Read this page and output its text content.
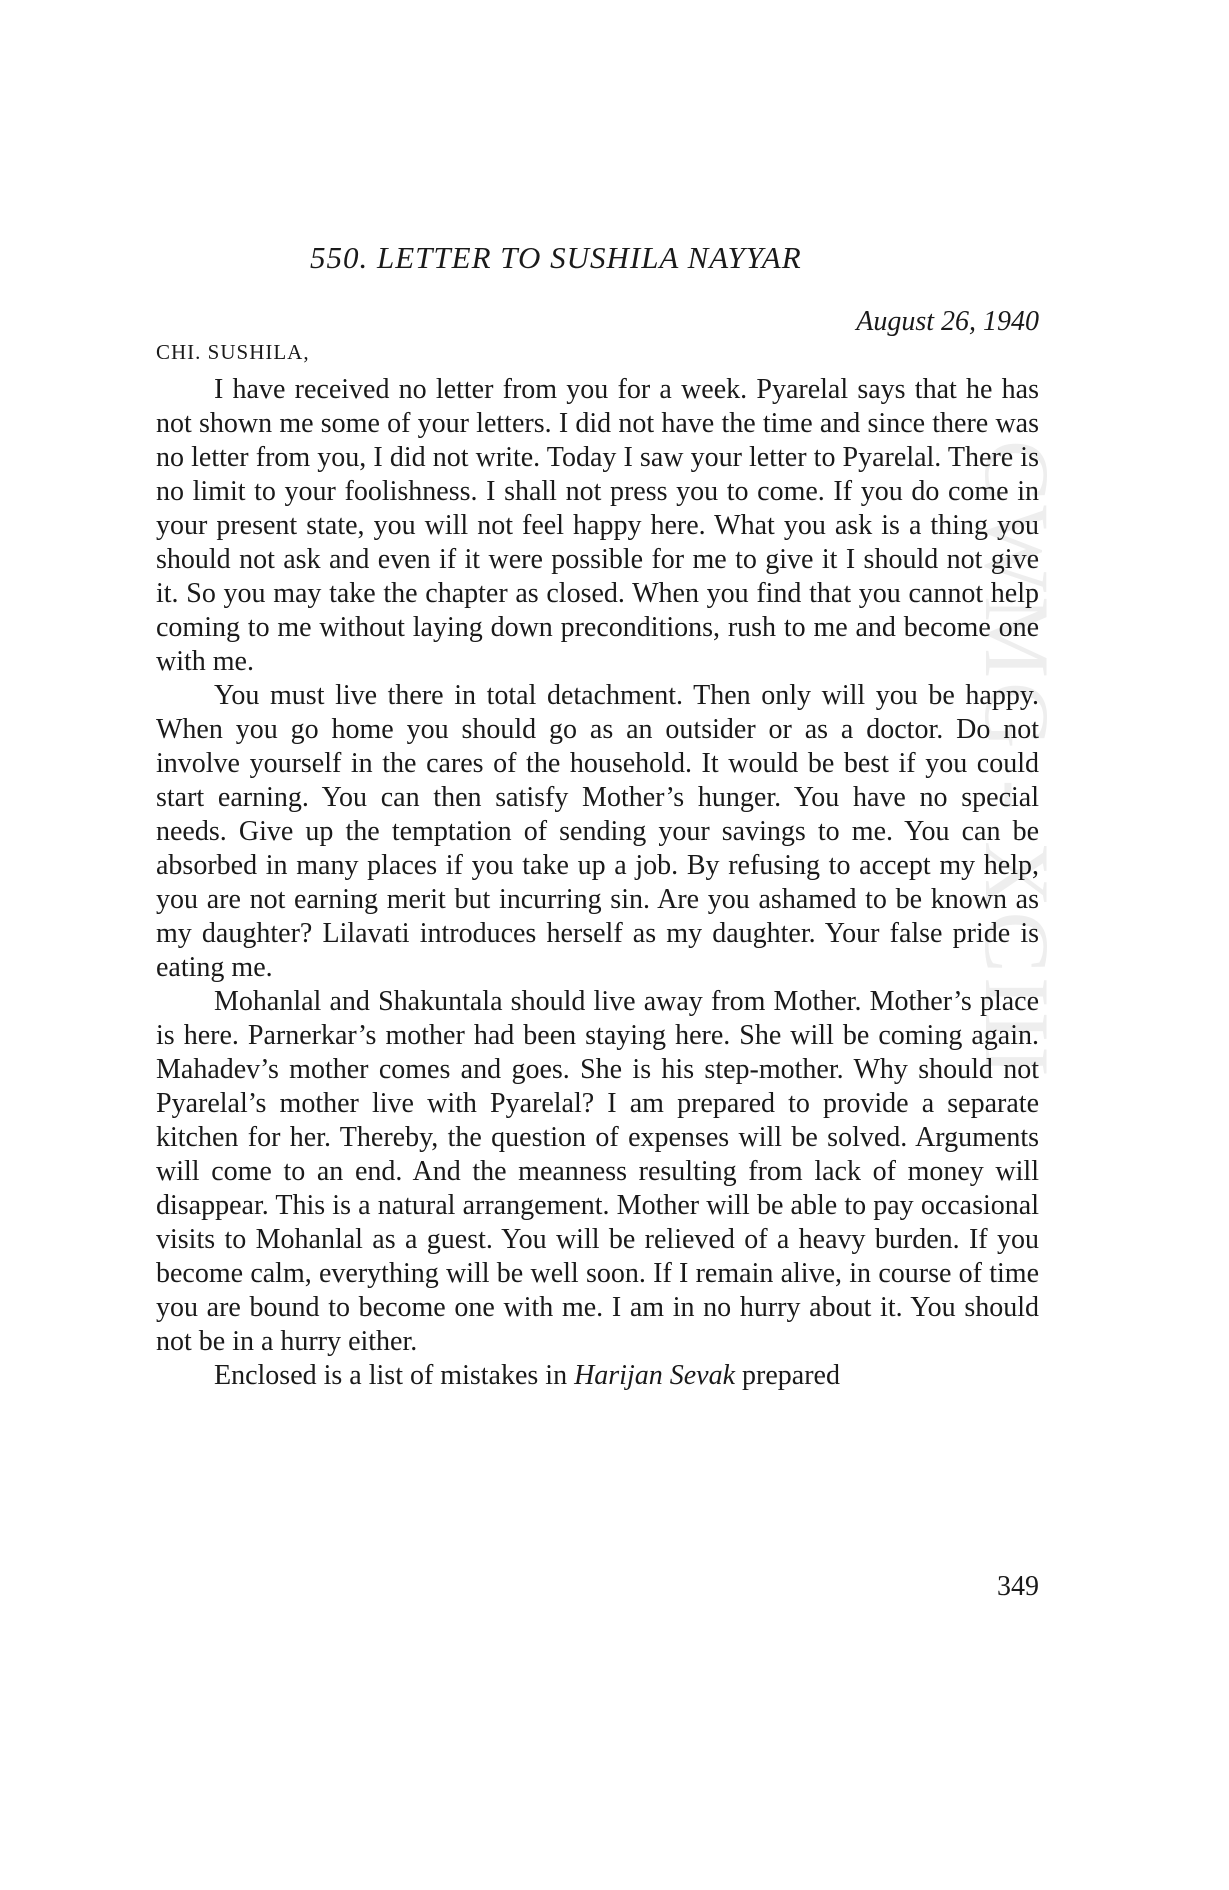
CWMG - XCIII
550. LETTER TO SUSHILA NAYYAR
August 26, 1940
CHI. SUSHILA,

I have received no letter from you for a week. Pyarelal says that he has not shown me some of your letters. I did not have the time and since there was no letter from you, I did not write. Today I saw your letter to Pyarelal. There is no limit to your foolishness. I shall not press you to come. If you do come in your present state, you will not feel happy here. What you ask is a thing you should not ask and even if it were possible for me to give it I should not give it. So you may take the chapter as closed. When you find that you cannot help coming to me without laying down preconditions, rush to me and become one with me.

You must live there in total detachment. Then only will you be happy. When you go home you should go as an outsider or as a doctor. Do not involve yourself in the cares of the household. It would be best if you could start earning. You can then satisfy Mother’s hunger. You have no special needs. Give up the temptation of sending your savings to me. You can be absorbed in many places if you take up a job. By refusing to accept my help, you are not earning merit but incurring sin. Are you ashamed to be known as my daughter? Lilavati introduces herself as my daughter. Your false pride is eating me.

Mohanlal and Shakuntala should live away from Mother. Mother’s place is here. Parnerkar’s mother had been staying here. She will be coming again. Mahadev’s mother comes and goes. She is his step-mother. Why should not Pyarelal’s mother live with Pyarelal? I am prepared to provide a separate kitchen for her. Thereby, the question of expenses will be solved. Arguments will come to an end. And the meanness resulting from lack of money will disappear. This is a natural arrangement. Mother will be able to pay occasional visits to Mohanlal as a guest. You will be relieved of a heavy burden. If you become calm, everything will be well soon. If I remain alive, in course of time you are bound to become one with me. I am in no hurry about it. You should not be in a hurry either.

Enclosed is a list of mistakes in Harijan Sevak prepared

349
